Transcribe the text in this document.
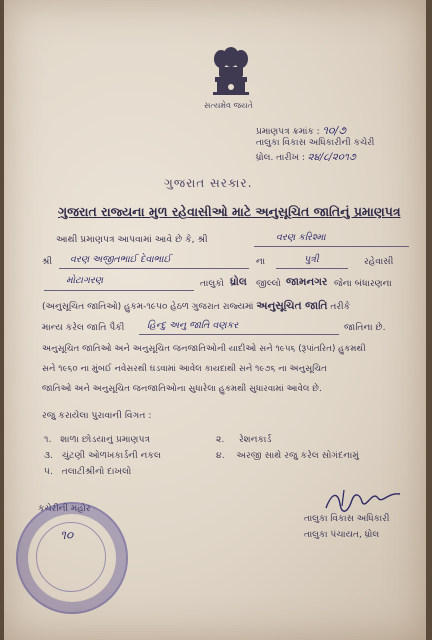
સત્યમેવ જયતે
પ્રમાણપત્ર ક્રમાંક : ૧૦/૭
તાલુકા વિકાસ અધિકારીની કચેરી
ધ્રોલ. તારીખ : ૨૪/૮/૨૦૧૭
ગુજરાત સરકાર.
ગુજરાત રાજ્યના મુળ રહેવાસીઓ માટે અનુસૂચિત જાતિનું પ્રમાણપત્ર
આથી પ્રમાણપત્ર આપવામાં આવે છે કે, શ્રી	વરણ કરિશ્મા
શ્રી વરણ અજીતભાઈ દેવાભાઈ	ના	પુત્રી	રહેવાસી
મોટાગરણ	તાલુકો ધ્રોલ જીલ્લો જામનગર જેના બંધારણના
(અનુસૂચિત જાતિઓ) હુકમ-૧૯૫૦ હેઠળ ગુજરાત રાજ્યમાં અનુસૂચિત જાતિ તરીકે
માન્ય કરેલ જાતિ પૈકી હિન્દુ અનુ જાતિ વણકર	જાતિના છે.
અનુસૂચિત જાતિઓ અને અનુસૂચિત જનજાતિઓની યાદીઓ સને ૧૯૫૬ (રૂપાંતરિત) હુકમથી
સને ૧૯૬૦ ના મુંબઈ નવેસરથી ઘડવામાં આવેલ કાયદાથી સને ૧૯૭૬ ના અનુસૂચિત
જાતિઓ અને અનુસૂચિત જનજાતિઓના સુધારેલા હુકમથી સુધારવામાં આવેલ છે.
રજુ કરાયેલા પુરાવાની વિગત :
૧. શાળા છોડયાનું પ્રમાણપત્ર	૨. રેશનકાર્ડ
૩. ચુંટણી ઓળખકાર્ડની નકલ	૪. અરજી સાથે રજુ કરેલ સોગંદનામું
૫. તલાટીશ્રીનો દાખલો
કચેરીની મહોર
૧૦
તાલુકા વિકાસ અધિકારી
તાલુકા પંચાયત, ધ્રોલ
